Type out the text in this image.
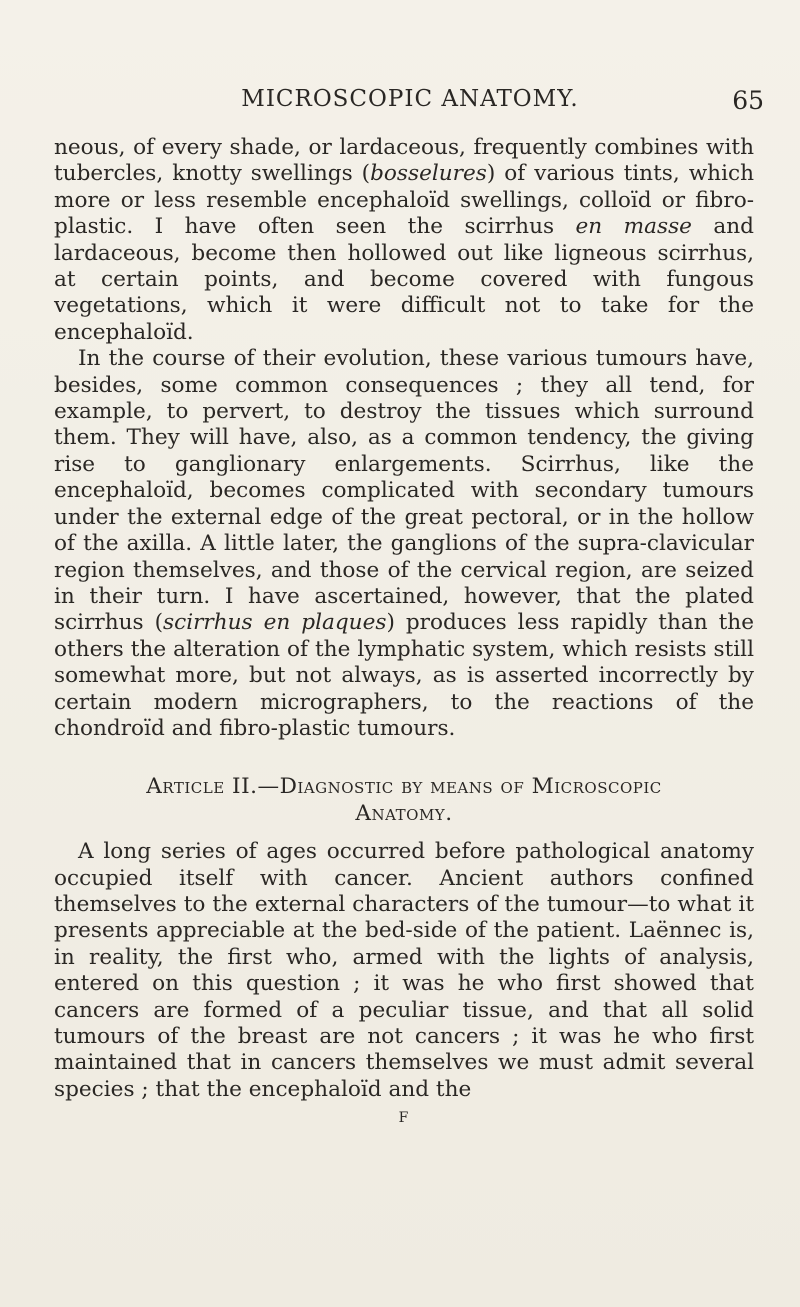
MICROSCOPIC ANATOMY.	65

neous, of every shade, or lardaceous, frequently combines with tubercles, knotty swellings (bosselures) of various tints, which more or less resemble encephaloïd swellings, colloïd or fibro-plastic. I have often seen the scirrhus en masse and lardaceous, become then hollowed out like ligneous scirrhus, at certain points, and become covered with fungous vegetations, which it were difficult not to take for the encephaloïd.

In the course of their evolution, these various tumours have, besides, some common consequences ; they all tend, for example, to pervert, to destroy the tissues which surround them. They will have, also, as a common tendency, the giving rise to ganglionary enlargements. Scirrhus, like the encephaloïd, becomes complicated with secondary tumours under the external edge of the great pectoral, or in the hollow of the axilla. A little later, the ganglions of the supra-clavicular region themselves, and those of the cervical region, are seized in their turn. I have ascertained, however, that the plated scirrhus (scirrhus en plaques) produces less rapidly than the others the alteration of the lymphatic system, which resists still somewhat more, but not always, as is asserted incorrectly by certain modern micrographers, to the reactions of the chondroïd and fibro-plastic tumours.

Article II.—Diagnostic by means of Microscopic
Anatomy.

A long series of ages occurred before pathological anatomy occupied itself with cancer. Ancient authors confined themselves to the external characters of the tumour—to what it presents appreciable at the bed-side of the patient. Laënnec is, in reality, the first who, armed with the lights of analysis, entered on this question ; it was he who first showed that cancers are formed of a peculiar tissue, and that all solid tumours of the breast are not cancers ; it was he who first maintained that in cancers themselves we must admit several species ; that the encephaloïd and the

F
